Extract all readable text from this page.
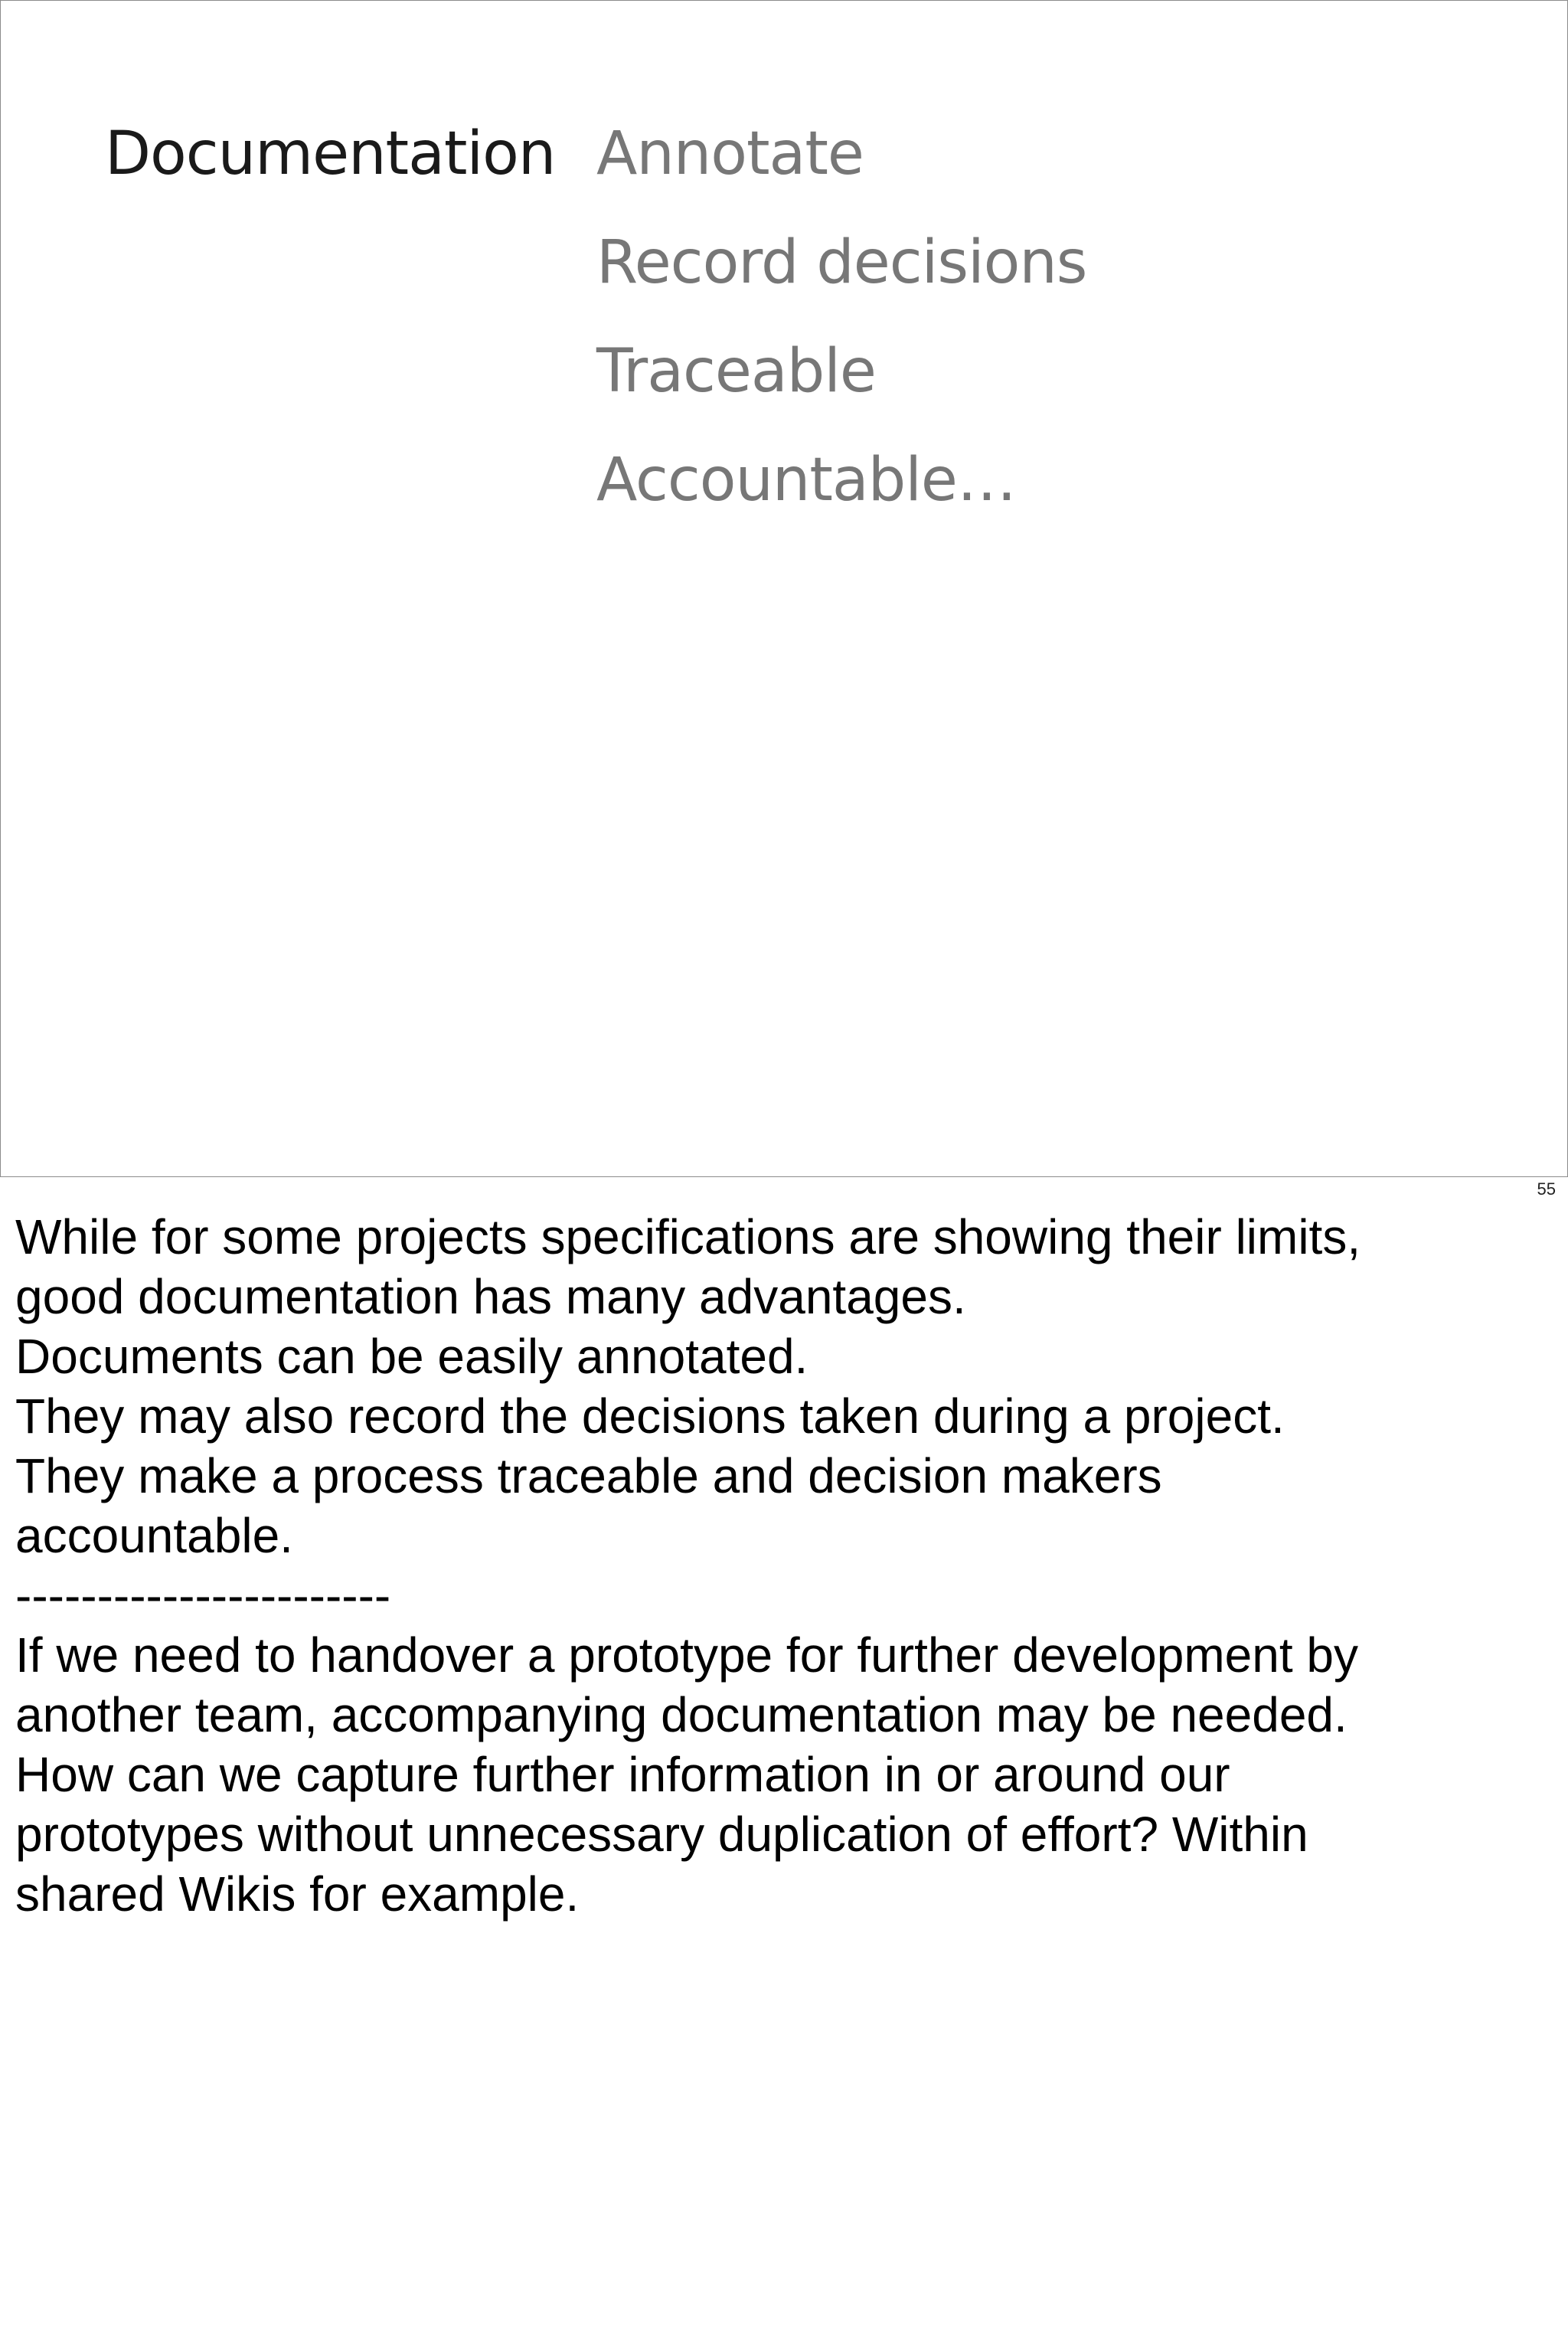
Documentation Annotate
Record decisions
Traceable
Accountable…
55

While for some projects specifications are showing their limits,
good documentation has many advantages.

Documents can be easily annotated.

They may also record the decisions taken during a project.

They make a process traceable and decision makers
accountable.

-----------------------

If we need to handover a prototype for further development by
another team, accompanying documentation may be needed.

How can we capture further information in or around our
prototypes without unnecessary duplication of effort? Within
shared Wikis for example.
